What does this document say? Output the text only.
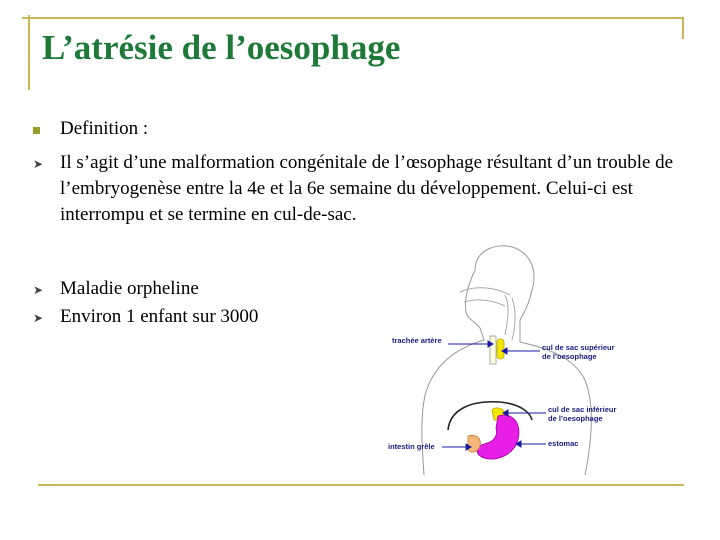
L’atrésie de l’oesophage
Definition :
➤ Il s’agit d’une malformation congénitale de l’œsophage résultant d’un trouble de l’embryogenèse entre la 4e et la 6e semaine du développement. Celui-ci est interrompu et se termine en cul-de-sac.
➤ Maladie orpheline
➤ Environ 1 enfant sur 3000
trachée artère
cul de sac supérieur
de l’oesophage
cul de sac inférieur
de l’oesophage
estomac
intestin grêle
